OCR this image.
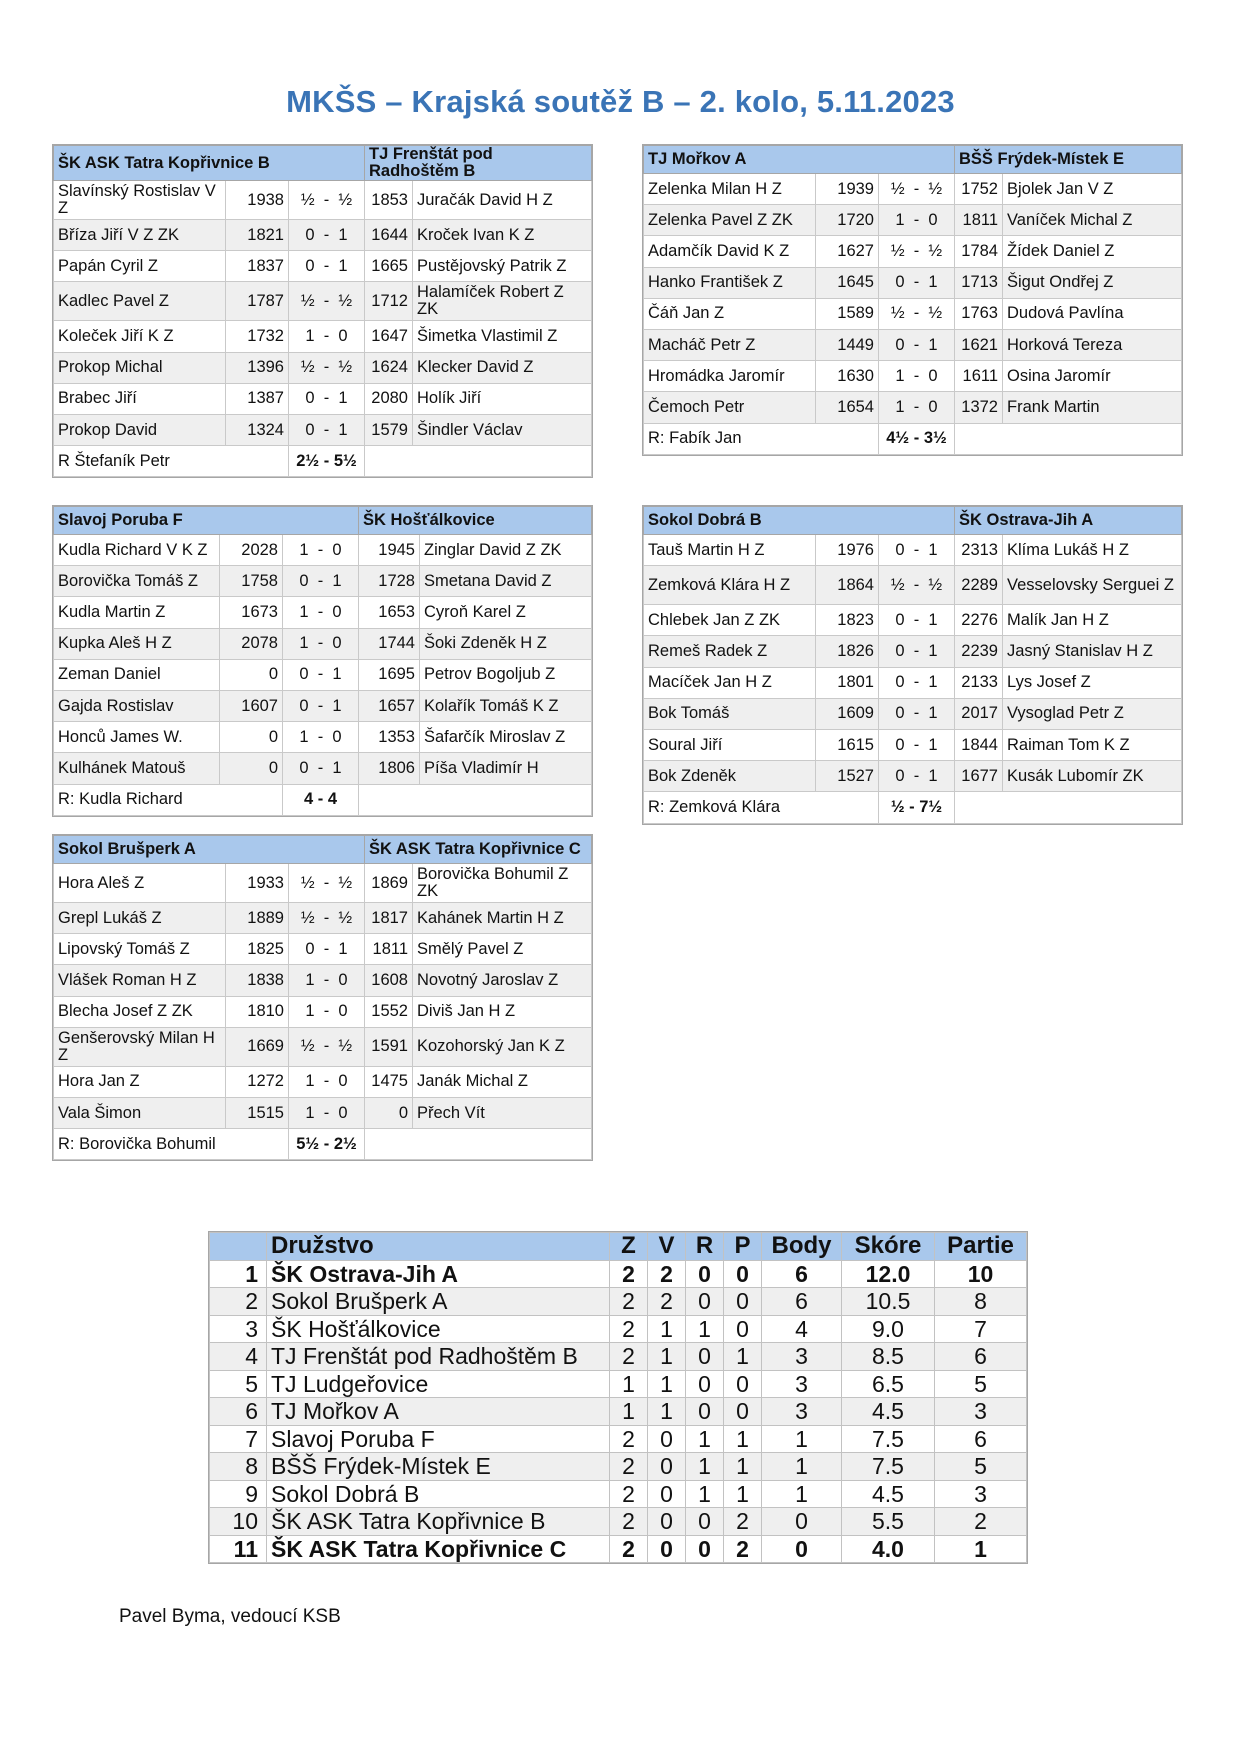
MKŠS – Krajská soutěž B – 2. kolo, 5.11.2023
ŠK ASK Tatra Kopřivnice B			TJ Frenštát pod Radhoštěm B	
Slavínský Rostislav V Z	1938	½  -  ½	1853	Juračák David H Z
Bříza Jiří V Z ZK	1821	0  -  1	1644	Kroček Ivan K Z
Papán Cyril Z	1837	0  -  1	1665	Pustějovský Patrik Z
Kadlec Pavel Z	1787	½  -  ½	1712	Halamíček Robert Z ZK
Koleček Jiří K Z	1732	1  -  0	1647	Šimetka Vlastimil Z
Prokop Michal	1396	½  -  ½	1624	Klecker David Z
Brabec Jiří	1387	0  -  1	2080	Holík Jiří
Prokop David	1324	0  -  1	1579	Šindler Václav
R Štefaník Petr		2½ - 5½		
TJ Mořkov A			BŠŠ Frýdek-Místek E	
Zelenka Milan H Z	1939	½  -  ½	1752	Bjolek Jan V Z
Zelenka Pavel Z ZK	1720	1  -  0	1811	Vaníček Michal Z
Adamčík David K Z	1627	½  -  ½	1784	Žídek Daniel Z
Hanko František Z	1645	0  -  1	1713	Šigut Ondřej Z
Čáň Jan Z	1589	½  -  ½	1763	Dudová Pavlína
Macháč Petr Z	1449	0  -  1	1621	Horková Tereza
Hromádka Jaromír	1630	1  -  0	1611	Osina Jaromír
Čemoch Petr	1654	1  -  0	1372	Frank Martin
R: Fabík Jan		4½ - 3½		
Slavoj Poruba F			ŠK Hošťálkovice	
Kudla Richard V K Z	2028	1  -  0	1945	Zinglar David Z ZK
Borovička Tomáš Z	1758	0  -  1	1728	Smetana David Z
Kudla Martin Z	1673	1  -  0	1653	Cyroň Karel Z
Kupka Aleš H Z	2078	1  -  0	1744	Šoki Zdeněk H Z
Zeman Daniel	0	0  -  1	1695	Petrov Bogoljub Z
Gajda Rostislav	1607	0  -  1	1657	Kolařík Tomáš K Z
Honců James W.	0	1  -  0	1353	Šafarčík Miroslav Z
Kulhánek Matouš	0	0  -  1	1806	Píša Vladimír H
R: Kudla Richard		4 - 4		
Sokol Dobrá B			ŠK Ostrava-Jih A	
Tauš Martin H Z	1976	0  -  1	2313	Klíma Lukáš H Z
Zemková Klára H Z	1864	½  -  ½	2289	Vesselovsky Serguei Z
Chlebek Jan Z ZK	1823	0  -  1	2276	Malík Jan H Z
Remeš Radek Z	1826	0  -  1	2239	Jasný Stanislav H Z
Macíček Jan H Z	1801	0  -  1	2133	Lys Josef Z
Bok Tomáš	1609	0  -  1	2017	Vysoglad Petr Z
Soural Jiří	1615	0  -  1	1844	Raiman Tom K Z
Bok Zdeněk	1527	0  -  1	1677	Kusák Lubomír ZK
R: Zemková Klára		½ - 7½		
Sokol Brušperk A			ŠK ASK Tatra Kopřivnice C	
Hora Aleš Z	1933	½  -  ½	1869	Borovička Bohumil Z ZK
Grepl Lukáš Z	1889	½  -  ½	1817	Kahánek Martin H Z
Lipovský Tomáš Z	1825	0  -  1	1811	Smělý Pavel Z
Vlášek Roman H Z	1838	1  -  0	1608	Novotný Jaroslav Z
Blecha Josef Z ZK	1810	1  -  0	1552	Diviš Jan H Z
Genšerovský Milan H Z	1669	½  -  ½	1591	Kozohorský Jan K Z
Hora Jan Z	1272	1  -  0	1475	Janák Michal Z
Vala Šimon	1515	1  -  0	0	Přech Vít
R: Borovička Bohumil		5½ - 2½		
	Družstvo	Z	V	R	P	Body	Skóre	Partie
1	ŠK Ostrava-Jih A	2	2	0	0	6	12.0	10
2	Sokol Brušperk A	2	2	0	0	6	10.5	8
3	ŠK Hošťálkovice	2	1	1	0	4	9.0	7
4	TJ Frenštát pod Radhoštěm B	2	1	0	1	3	8.5	6
5	TJ Ludgeřovice	1	1	0	0	3	6.5	5
6	TJ Mořkov A	1	1	0	0	3	4.5	3
7	Slavoj Poruba F	2	0	1	1	1	7.5	6
8	BŠŠ Frýdek-Místek E	2	0	1	1	1	7.5	5
9	Sokol Dobrá B	2	0	1	1	1	4.5	3
10	ŠK ASK Tatra Kopřivnice B	2	0	0	2	0	5.5	2
11	ŠK ASK Tatra Kopřivnice C	2	0	0	2	0	4.0	1
Pavel Byma, vedoucí KSB
